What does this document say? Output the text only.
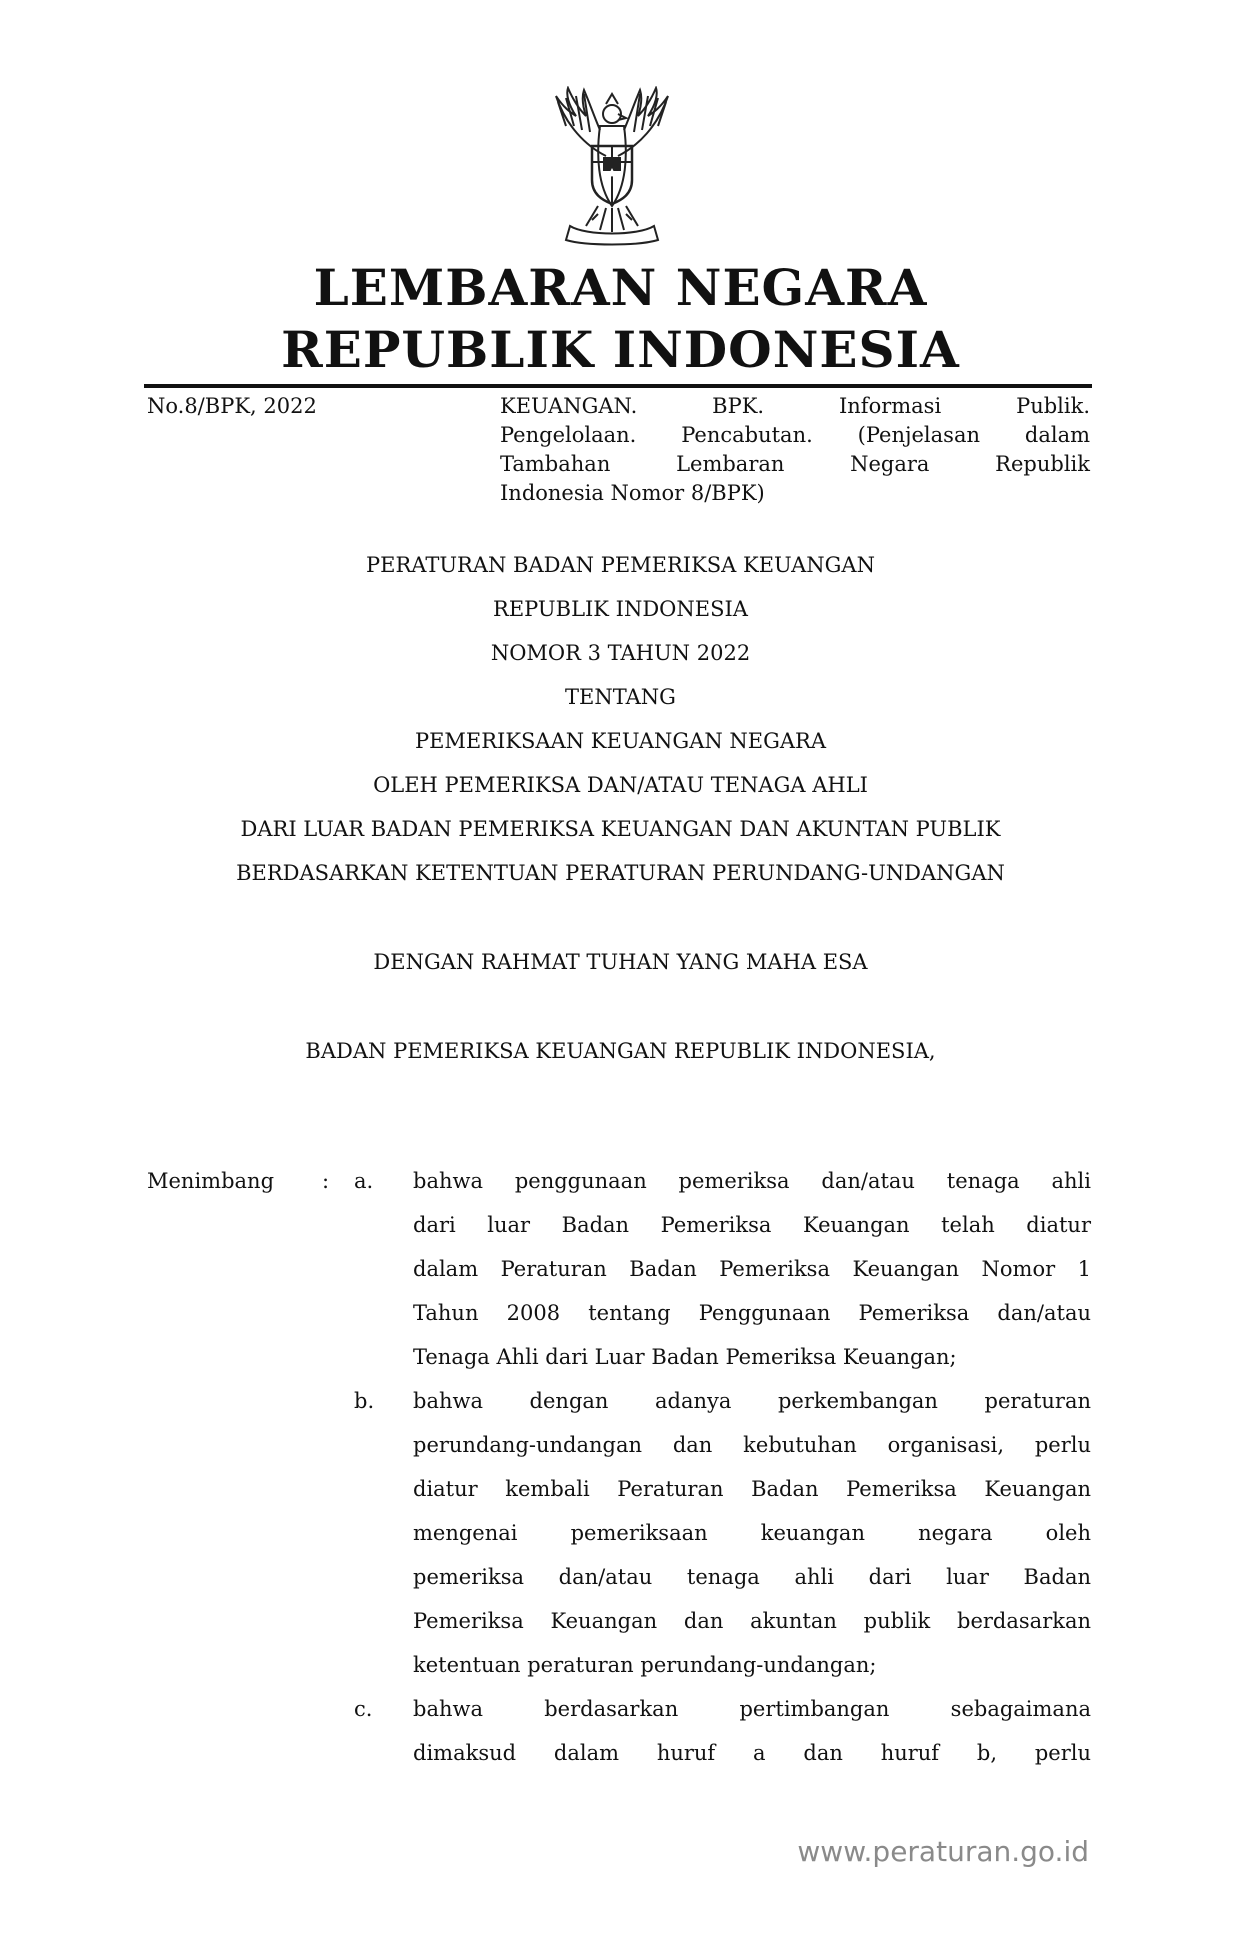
LEMBARAN NEGARA
REPUBLIK INDONESIA
No.8/BPK, 2022	KEUANGAN. BPK. Informasi Publik.
Pengelolaan. Pencabutan. (Penjelasan dalam
Tambahan Lembaran Negara Republik
Indonesia Nomor 8/BPK)
PERATURAN BADAN PEMERIKSA KEUANGAN
REPUBLIK INDONESIA
NOMOR 3 TAHUN 2022
TENTANG
PEMERIKSAAN KEUANGAN NEGARA
OLEH PEMERIKSA DAN/ATAU TENAGA AHLI
DARI LUAR BADAN PEMERIKSA KEUANGAN DAN AKUNTAN PUBLIK
BERDASARKAN KETENTUAN PERATURAN PERUNDANG-UNDANGAN
DENGAN RAHMAT TUHAN YANG MAHA ESA
BADAN PEMERIKSA KEUANGAN REPUBLIK INDONESIA,
Menimbang : a. bahwa penggunaan pemeriksa dan/atau tenaga ahli
dari luar Badan Pemeriksa Keuangan telah diatur
dalam Peraturan Badan Pemeriksa Keuangan Nomor 1
Tahun 2008 tentang Penggunaan Pemeriksa dan/atau
Tenaga Ahli dari Luar Badan Pemeriksa Keuangan;
b. bahwa dengan adanya perkembangan peraturan
perundang-undangan dan kebutuhan organisasi, perlu
diatur kembali Peraturan Badan Pemeriksa Keuangan
mengenai pemeriksaan keuangan negara oleh
pemeriksa dan/atau tenaga ahli dari luar Badan
Pemeriksa Keuangan dan akuntan publik berdasarkan
ketentuan peraturan perundang-undangan;
c. bahwa berdasarkan pertimbangan sebagaimana
dimaksud dalam huruf a dan huruf b, perlu
www.peraturan.go.id
